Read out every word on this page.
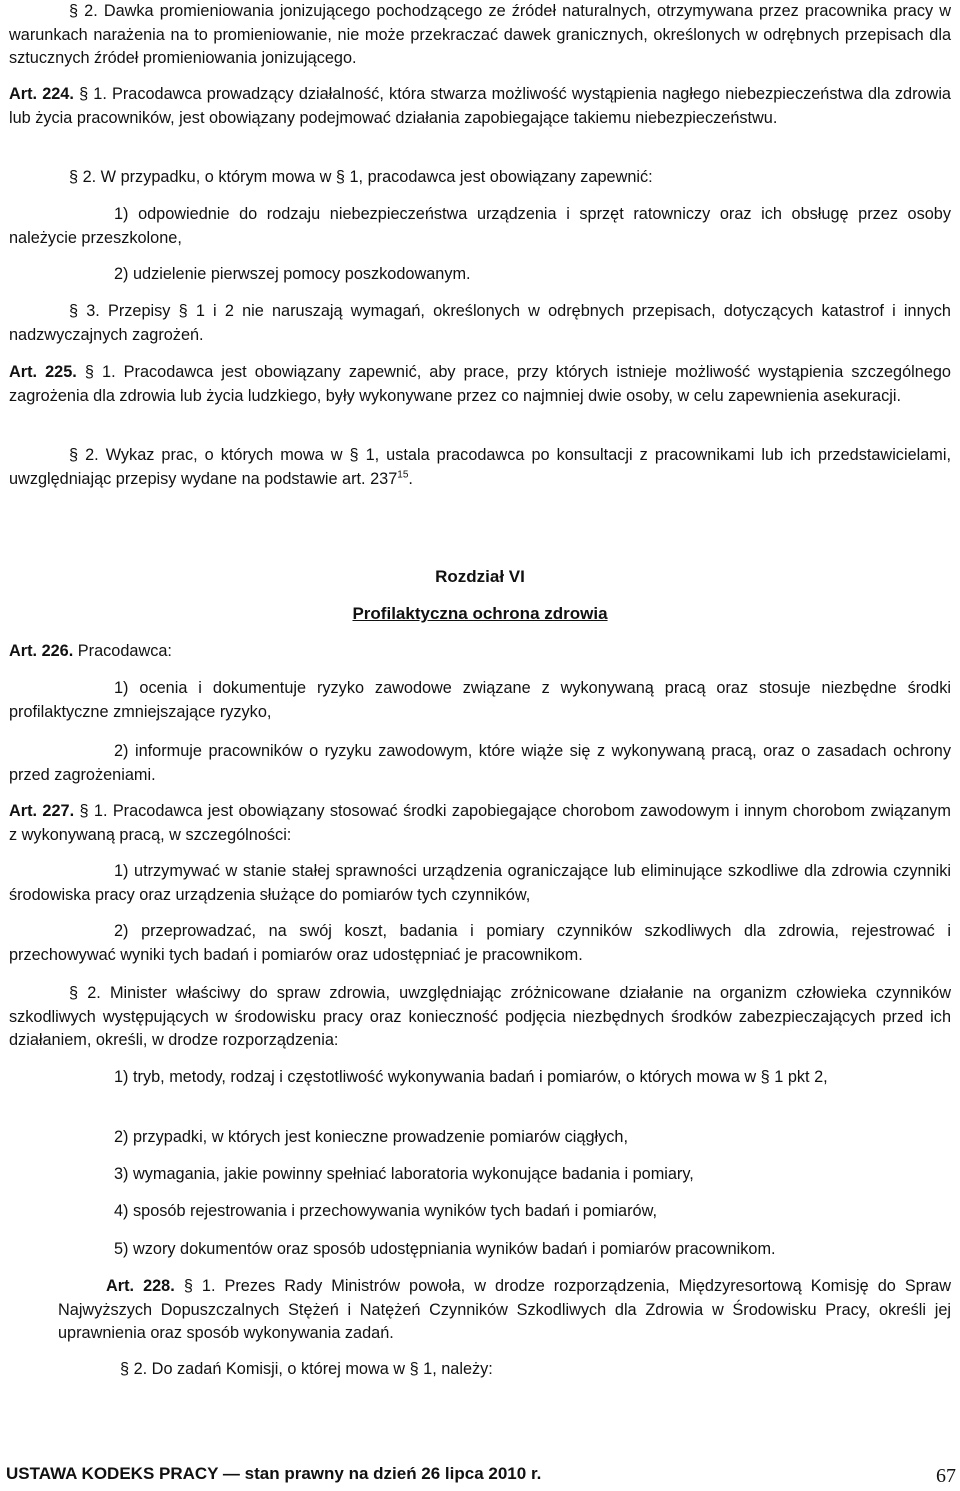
§ 2. Dawka promieniowania jonizującego pochodzącego ze źródeł naturalnych, otrzymywana przez pracownika pracy w warunkach narażenia na to promieniowanie, nie może przekraczać dawek granicznych, określonych w odrębnych przepisach dla sztucznych źródeł promieniowania jonizującego.

Art. 224. § 1. Pracodawca prowadzący działalność, która stwarza możliwość wystąpienia nagłego niebezpieczeństwa dla zdrowia lub życia pracowników, jest obowiązany podejmować działania zapobiegające takiemu niebezpieczeństwu.

§ 2. W przypadku, o którym mowa w § 1, pracodawca jest obowiązany zapewnić:

1) odpowiednie do rodzaju niebezpieczeństwa urządzenia i sprzęt ratowniczy oraz ich obsługę przez osoby należycie przeszkolone,

2) udzielenie pierwszej pomocy poszkodowanym.

§ 3. Przepisy § 1 i 2 nie naruszają wymagań, określonych w odrębnych przepisach, dotyczących katastrof i innych nadzwyczajnych zagrożeń.

Art. 225. § 1. Pracodawca jest obowiązany zapewnić, aby prace, przy których istnieje możliwość wystąpienia szczególnego zagrożenia dla zdrowia lub życia ludzkiego, były wykonywane przez co najmniej dwie osoby, w celu zapewnienia asekuracji.

§ 2. Wykaz prac, o których mowa w § 1, ustala pracodawca po konsultacji z pracownikami lub ich przedstawicielami, uwzględniając przepisy wydane na podstawie art. $237^{15}$.

Rozdział VI
Profilaktyczna ochrona zdrowia

Art. 226. Pracodawca:

1) ocenia i dokumentuje ryzyko zawodowe związane z wykonywaną pracą oraz stosuje niezbędne środki profilaktyczne zmniejszające ryzyko,

2) informuje pracowników o ryzyku zawodowym, które wiąże się z wykonywaną pracą, oraz o zasadach ochrony przed zagrożeniami.

Art. 227. § 1. Pracodawca jest obowiązany stosować środki zapobiegające chorobom zawodowym i innym chorobom związanym z wykonywaną pracą, w szczególności:

1) utrzymywać w stanie stałej sprawności urządzenia ograniczające lub eliminujące szkodliwe dla zdrowia czynniki środowiska pracy oraz urządzenia służące do pomiarów tych czynników,

2) przeprowadzać, na swój koszt, badania i pomiary czynników szkodliwych dla zdrowia, rejestrować i przechowywać wyniki tych badań i pomiarów oraz udostępniać je pracownikom.

§ 2. Minister właściwy do spraw zdrowia, uwzględniając zróżnicowane działanie na organizm człowieka czynników szkodliwych występujących w środowisku pracy oraz konieczność podjęcia niezbędnych środków zabezpieczających przed ich działaniem, określi, w drodze rozporządzenia:

1) tryb, metody, rodzaj i częstotliwość wykonywania badań i pomiarów, o których mowa w § 1 pkt 2,

2) przypadki, w których jest konieczne prowadzenie pomiarów ciągłych,

3) wymagania, jakie powinny spełniać laboratoria wykonujące badania i pomiary,

4) sposób rejestrowania i przechowywania wyników tych badań i pomiarów,

5) wzory dokumentów oraz sposób udostępniania wyników badań i pomiarów pracownikom.

Art. 228. § 1. Prezes Rady Ministrów powoła, w drodze rozporządzenia, Międzyresortową Komisję do Spraw Najwyższych Dopuszczalnych Stężeń i Natężeń Czynników Szkodliwych dla Zdrowia w Środowisku Pracy, określi jej uprawnienia oraz sposób wykonywania zadań.

§ 2. Do zadań Komisji, o której mowa w § 1, należy:

USTAWA KODEKS PRACY — stan prawny na dzień 26 lipca 2010 r.	67
